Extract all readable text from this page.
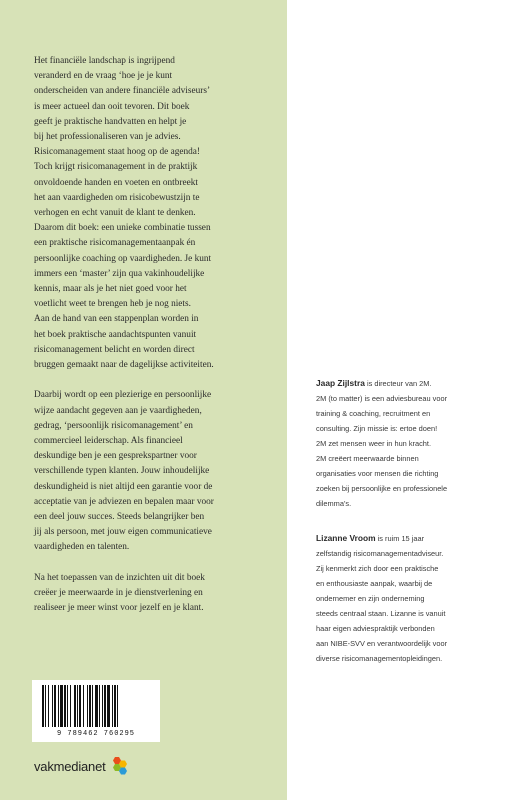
Het financiële landschap is ingrijpend
veranderd en de vraag ‘hoe je je kunt
onderscheiden van andere financiële adviseurs’
is meer actueel dan ooit tevoren. Dit boek
geeft je praktische handvatten en helpt je
bij het professionaliseren van je advies.

Risicomanagement staat hoog op de agenda!
Toch krijgt risicomanagement in de praktijk
onvoldoende handen en voeten en ontbreekt
het aan vaardigheden om risicobewustzijn te
verhogen en echt vanuit de klant te denken.

Daarom dit boek: een unieke combinatie tussen
een praktische risicomanagementaanpak én
persoonlijke coaching op vaardigheden. Je kunt
immers een ‘master’ zijn qua vakinhoudelijke
kennis, maar als je het niet goed voor het
voetlicht weet te brengen heb je nog niets.

Aan de hand van een stappenplan worden in
het boek praktische aandachtspunten vanuit
risicomanagement belicht en worden direct
bruggen gemaakt naar de dagelijkse activiteiten.

Daarbij wordt op een plezierige en persoonlijke
wijze aandacht gegeven aan je vaardigheden,
gedrag, ‘persoonlijk risicomanagement’ en
commercieel leiderschap. Als financieel
deskundige ben je een gesprekspartner voor
verschillende typen klanten. Jouw inhoudelijke
deskundigheid is niet altijd een garantie voor de
acceptatie van je adviezen en bepalen maar voor
een deel jouw succes. Steeds belangrijker ben
jij als persoon, met jouw eigen communicatieve
vaardigheden en talenten.

Na het toepassen van de inzichten uit dit boek
creëer je meerwaarde in je dienstverlening en
realiseer je meer winst voor jezelf en je klant.

Jaap Zijlstra is directeur van 2M.
2M (to matter) is een adviesbureau voor
training & coaching, recruitment en
consulting. Zijn missie is: ertoe doen!
2M zet mensen weer in hun kracht.
2M creëert meerwaarde binnen
organisaties voor mensen die richting
zoeken bij persoonlijke en professionele
dilemma’s.
Lizanne Vroom is ruim 15 jaar
zelfstandig risicomanagementadviseur.
Zij kenmerkt zich door een praktische
en enthousiaste aanpak, waarbij de
ondernemer en zijn onderneming
steeds centraal staan. Lizanne is vanuit
haar eigen adviespraktijk verbonden
aan NIBE-SVV en verantwoordelijk voor
diverse risicomanagementopleidingen.
9 789462 760295
vakmedianet
